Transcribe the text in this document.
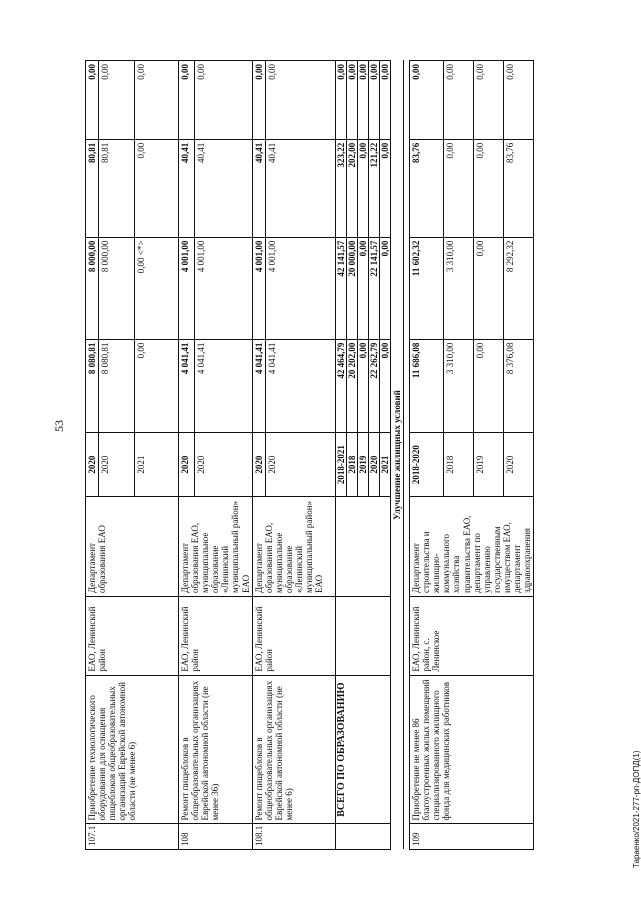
53
Тараенко/2021-277-рп-ДОПД(1)
107.1	Приобретение технологического оборудования для оснащения пищеблоков общеобразовательных организаций Еврейской автономной области (не менее 6)	ЕАО, Ленинский район	Департамент образования ЕАО	2020	8 080,81	8 000,00	80,81	0,00
				2020	8 080,81	8 000,00	80,81	0,00
				2021	0,00	0,00 <*>	0,00	0,00
108	Ремонт пищеблоков в общеобразовательных организациях Еврейской автономной области (не менее 36)	ЕАО, Ленинский район	Департамент образования ЕАО, муниципальное образование «Ленинский муниципальный район» ЕАО	2020	4 041,41	4 001,00	40,41	0,00
				2020	4 041,41	4 001,00	40,41	0,00
108.1	Ремонт пищеблоков в общеобразовательных организациях Еврейской автономной области (не менее 6)	ЕАО, Ленинский район	Департамент образования ЕАО, муниципальное образование «Ленинский муниципальный район» ЕАО	2020	4 041,41	4 001,00	40,41	0,00
				2020	4 041,41	4 001,00	40,41	0,00
	ВСЕГО ПО ОБРАЗОВАНИЮ			2018-2021	42 464,79	42 141,57	323,22	0,00
				2018	20 202,00	20 000,00	202,00	0,00
				2019	0,00	0,00	0,00	0,00
				2020	22 262,79	22 141,57	121,22	0,00
				2021	0,00	0,00	0,00	0,00
Улучшение жилищных условий								

109	Приобретение не менее 86 благоустроенных жилых помещений специализированного жилищного фонда для медицинских работников	ЕАО, Ленинский район, с. Ленинское	Департамент строительства и жилищно-коммунального хозяйства правительства ЕАО, департамент по управлению государственным имуществом ЕАО, департамент здравоохранения	2018-2020	11 686,08	11 602,32	83,76	0,00
				2018	3 310,00	3 310,00	0,00	0,00
				2019	0,00	0,00	0,00	0,00
				2020	8 376,08	8 292,32	83,76	0,00
